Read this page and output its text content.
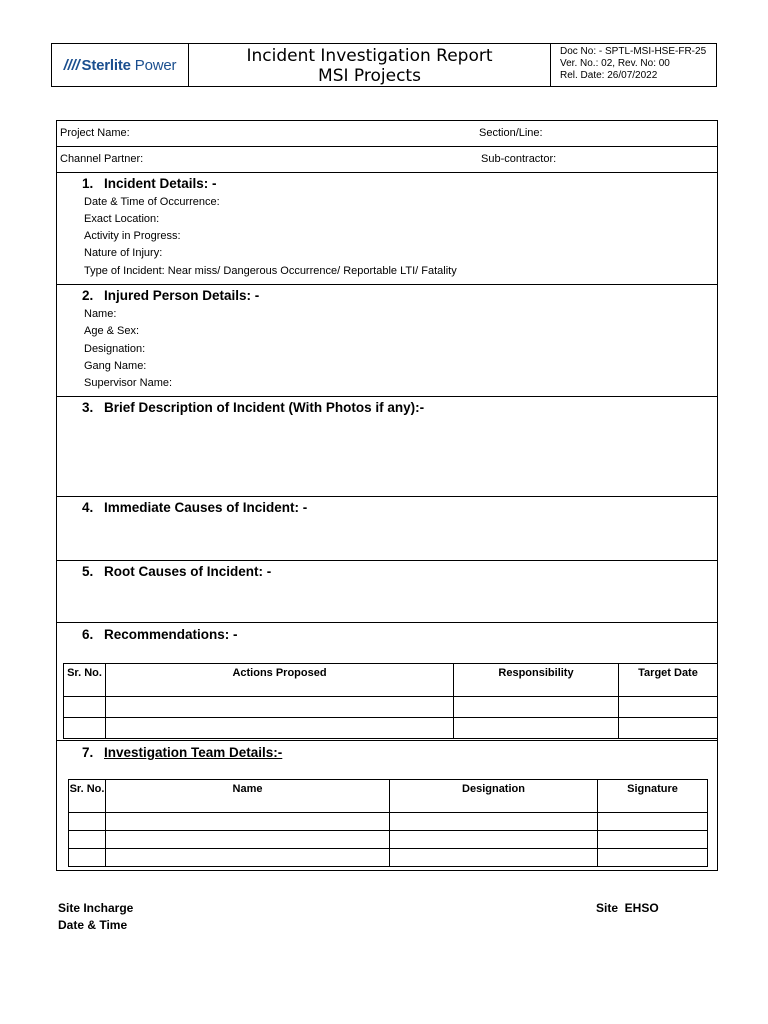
//// Sterlite Power	Incident Investigation Report
MSI Projects
Doc No: - SPTL-MSI-HSE-FR-25
Ver. No.: 02, Rev. No: 00
Rel. Date: 26/07/2022
Project Name:	Section/Line:
Channel Partner:	Sub-contractor:
1. Incident Details: -
Date & Time of Occurrence:
Exact Location:
Activity in Progress:
Nature of Injury:
Type of Incident: Near miss/ Dangerous Occurrence/ Reportable LTI/ Fatality
2. Injured Person Details: -
Name:
Age & Sex:
Designation:
Gang Name:
Supervisor Name:
3. Brief Description of Incident (With Photos if any):-
4. Immediate Causes of Incident: -
5. Root Causes of Incident: -
6. Recommendations: -
Sr. No.	Actions Proposed	Responsibility	Target Date

7. Investigation Team Details:-
Sr. No.	Name	Designation	Signature

Site Incharge
Date & Time
Site  EHSO
